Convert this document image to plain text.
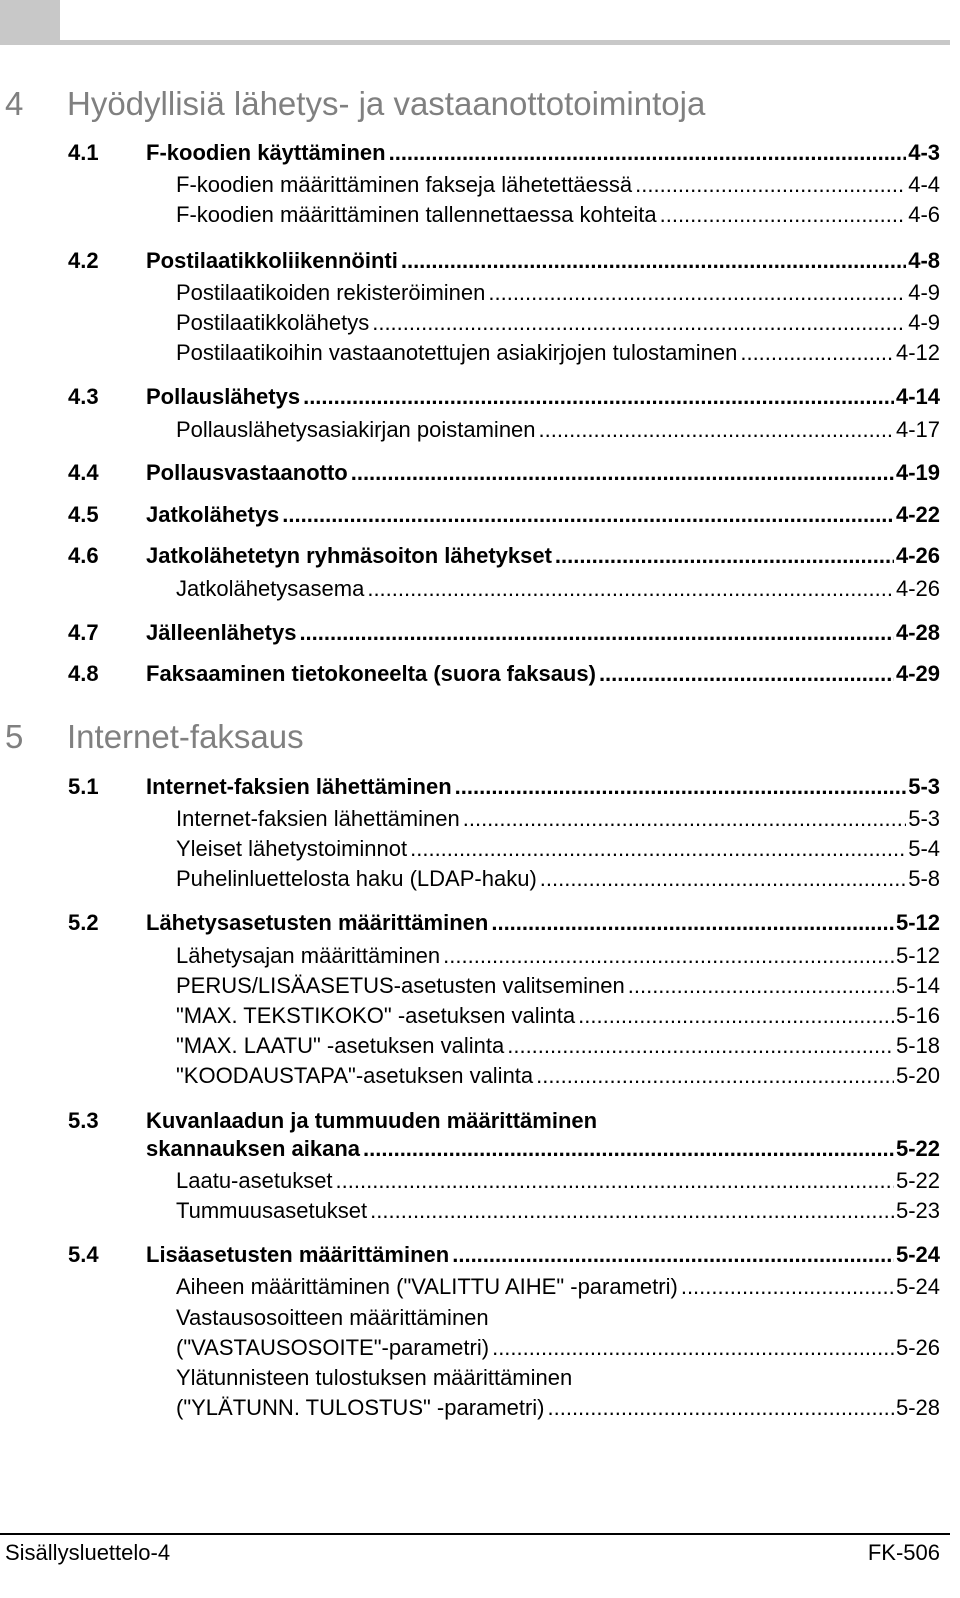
4 Hyödyllisiä lähetys- ja vastaanottotoimintoja
5 Internet-faksaus
4.1 F-koodien käyttäminen .....	4-3
F-koodien määrittäminen fakseja lähetettäessä .....	4-4
F-koodien määrittäminen tallennettaessa kohteita .....	4-6
4.2 Postilaatikkoliikennöinti .....	4-8
Postilaatikoiden rekisteröiminen .....	4-9
Postilaatikkolähetys .....	4-9
Postilaatikoihin vastaanotettujen asiakirjojen tulostaminen .....	4-12
4.3 Pollauslähetys .....	4-14
Pollauslähetysasiakirjan poistaminen .....	4-17
4.4 Pollausvastaanotto .....	4-19
4.5 Jatkolähetys .....	4-22
4.6 Jatkolähetetyn ryhmäsoiton lähetykset .....	4-26
Jatkolähetysasema .....	4-26
4.7 Jälleenlähetys .....	4-28
4.8 Faksaaminen tietokoneelta (suora faksaus) .....	4-29
5.1 Internet-faksien lähettäminen .....	5-3
Internet-faksien lähettäminen .....	5-3
Yleiset lähetystoiminnot .....	5-4
Puhelinluettelosta haku (LDAP-haku) .....	5-8
5.2 Lähetysasetusten määrittäminen .....	5-12
Lähetysajan määrittäminen .....	5-12
PERUS/LISÄASETUS-asetusten valitseminen .....	5-14
"MAX. TEKSTIKOKO" -asetuksen valinta .....	5-16
"MAX. LAATU" -asetuksen valinta .....	5-18
"KOODAUSTAPA"-asetuksen valinta .....	5-20
5.3 Kuvanlaadun ja tummuuden määrittäminen
skannauksen aikana .....	5-22
Laatu-asetukset .....	5-22
Tummuusasetukset .....	5-23
5.4 Lisäasetusten määrittäminen .....	5-24
Aiheen määrittäminen ("VALITTU AIHE" -parametri) .....	5-24
Vastausosoitteen määrittäminen
("VASTAUSOSOITE"-parametri) .....	5-26
Ylätunnisteen tulostuksen määrittäminen
("YLÄTUNN. TULOSTUS" -parametri) .....	5-28
Sisällysluettelo-4	FK-506
